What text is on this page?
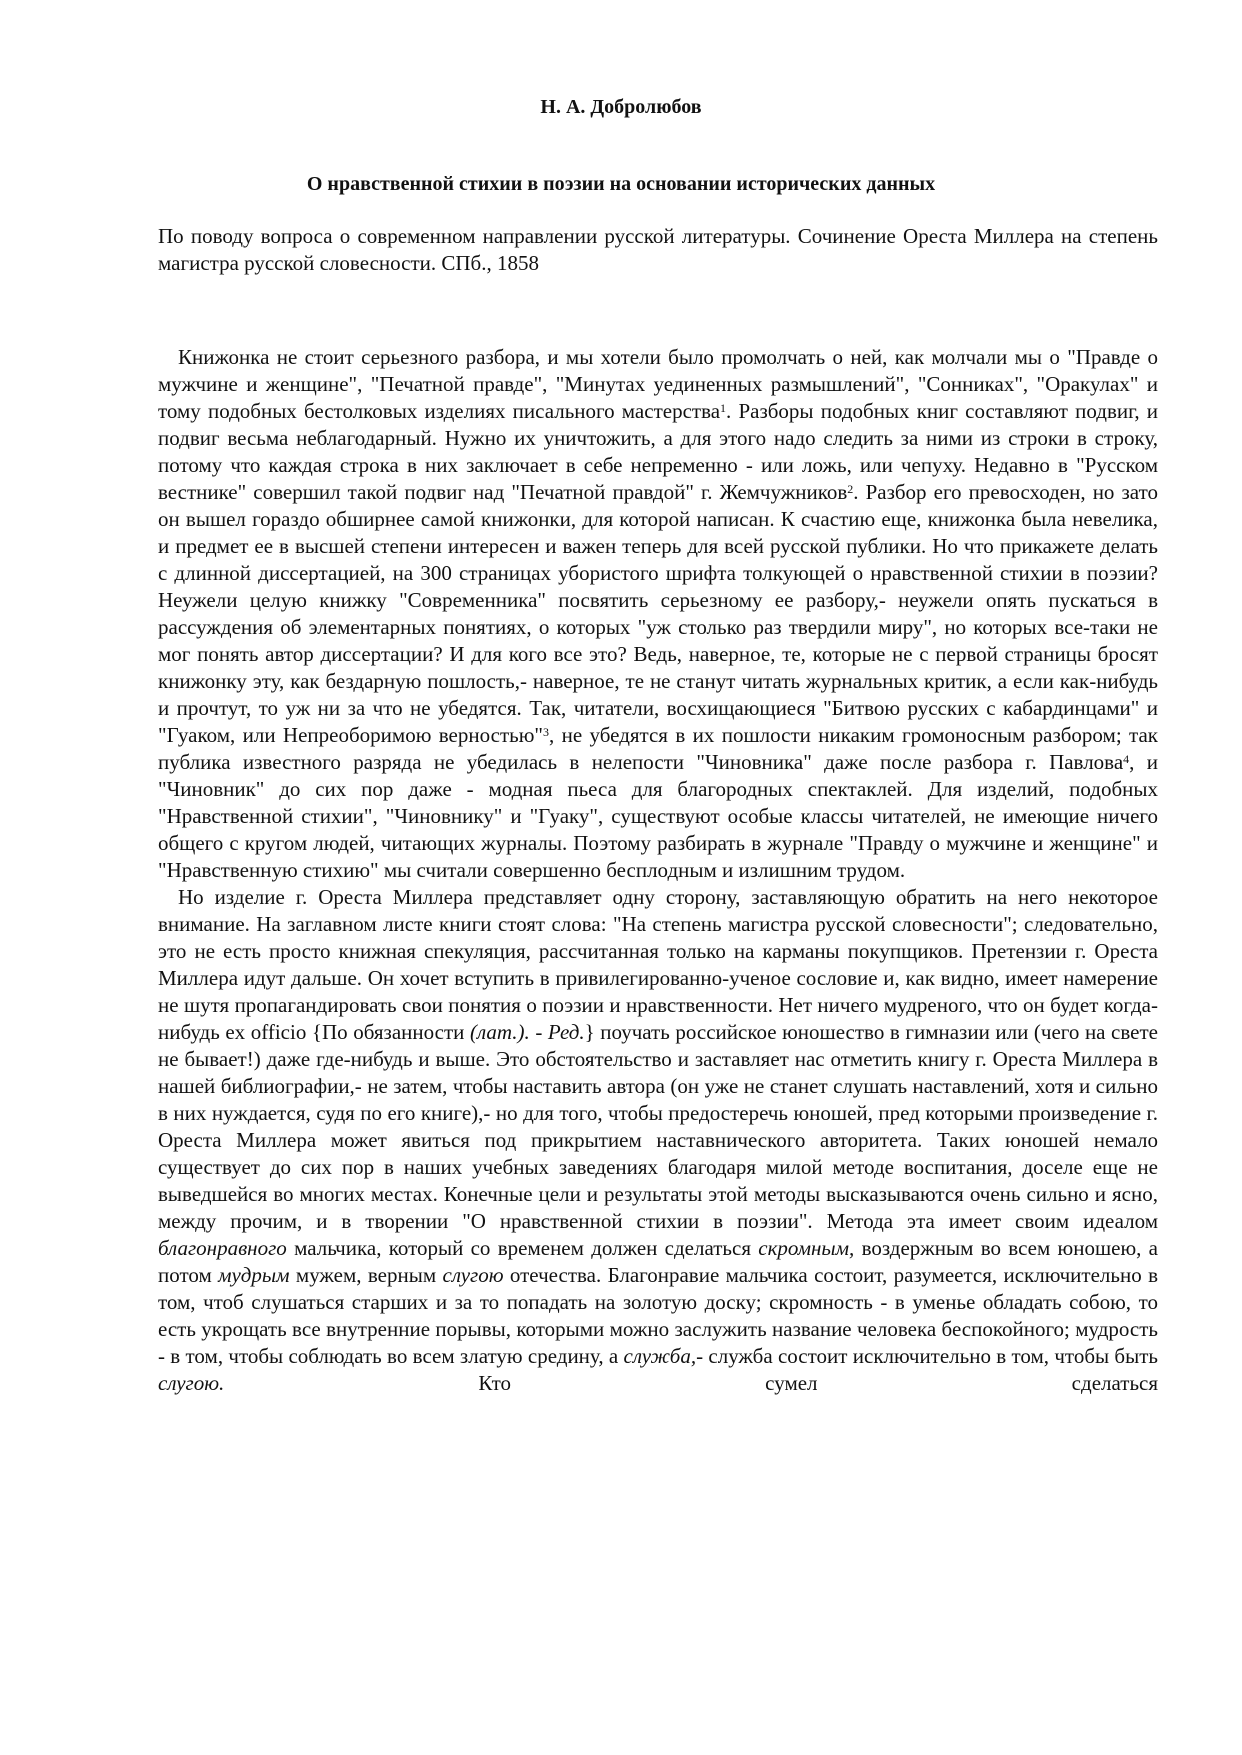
Н. А. Добролюбов
О нравственной стихии в поэзии на основании исторических данных
По поводу вопроса о современном направлении русской литературы. Сочинение Ореста Миллера на степень магистра русской словесности. СПб., 1858

Книжонка не стоит серьезного разбора, и мы хотели было промолчать о ней, как молчали мы о "Правде о мужчине и женщине", "Печатной правде", "Минутах уединенных размышлений", "Сонниках", "Оракулах" и тому подобных бестолковых изделиях писального мастерства$^1$. Разборы подобных книг составляют подвиг, и подвиг весьма неблагодарный. Нужно их уничтожить, а для этого надо следить за ними из строки в строку, потому что каждая строка в них заключает в себе непременно - или ложь, или чепуху. Недавно в "Русском вестнике" совершил такой подвиг над "Печатной правдой" г. Жемчужников$^2$. Разбор его превосходен, но зато он вышел гораздо обширнее самой книжонки, для которой написан. К счастию еще, книжонка была невелика, и предмет ее в высшей степени интересен и важен теперь для всей русской публики. Но что прикажете делать с длинной диссертацией, на 300 страницах убористого шрифта толкующей о нравственной стихии в поэзии? Неужели целую книжку "Современника" посвятить серьезному ее разбору,- неужели опять пускаться в рассуждения об элементарных понятиях, о которых "уж столько раз твердили миру", но которых все-таки не мог понять автор диссертации? И для кого все это? Ведь, наверное, те, которые не с первой страницы бросят книжонку эту, как бездарную пошлость,- наверное, те не станут читать журнальных критик, а если как-нибудь и прочтут, то уж ни за что не убедятся. Так, читатели, восхищающиеся "Битвою русских с кабардинцами" и "Гуаком, или Непреоборимою верностью"$^3$, не убедятся в их пошлости никаким громоносным разбором; так публика известного разряда не убедилась в нелепости "Чиновника" даже после разбора г. Павлова$^4$, и "Чиновник" до сих пор даже - модная пьеса для благородных спектаклей. Для изделий, подобных "Нравственной стихии", "Чиновнику" и "Гуаку", существуют особые классы читателей, не имеющие ничего общего с кругом людей, читающих журналы. Поэтому разбирать в журнале "Правду о мужчине и женщине" и "Нравственную стихию" мы считали совершенно бесплодным и излишним трудом.

Но изделие г. Ореста Миллера представляет одну сторону, заставляющую обратить на него некоторое внимание. На заглавном листе книги стоят слова: "На степень магистра русской словесности"; следовательно, это не есть просто книжная спекуляция, рассчитанная только на карманы покупщиков. Претензии г. Ореста Миллера идут дальше. Он хочет вступить в привилегированно-ученое сословие и, как видно, имеет намерение не шутя пропагандировать свои понятия о поэзии и нравственности. Нет ничего мудреного, что он будет когда-нибудь ex officio {По обязанности (лат.). - Ред.} поучать российское юношество в гимназии или (чего на свете не бывает!) даже где-нибудь и выше. Это обстоятельство и заставляет нас отметить книгу г. Ореста Миллера в нашей библиографии,- не затем, чтобы наставить автора (он уже не станет слушать наставлений, хотя и сильно в них нуждается, судя по его книге),- но для того, чтобы предостеречь юношей, пред которыми произведение г. Ореста Миллера может явиться под прикрытием наставнического авторитета. Таких юношей немало существует до сих пор в наших учебных заведениях благодаря милой методе воспитания, доселе еще не выведшейся во многих местах. Конечные цели и результаты этой методы высказываются очень сильно и ясно, между прочим, и в творении "О нравственной стихии в поэзии". Метода эта имеет своим идеалом благонравного мальчика, который со временем должен сделаться скромным, воздержным во всем юношею, а потом мудрым мужем, верным слугою отечества. Благонравие мальчика состоит, разумеется, исключительно в том, чтоб слушаться старших и за то попадать на золотую доску; скромность - в уменье обладать собою, то есть укрощать все внутренние порывы, которыми можно заслужить название человека беспокойного; мудрость - в том, чтобы соблюдать во всем златую средину, а служба,- служба состоит исключительно в том, чтобы быть слугою. Кто сумел сделаться
